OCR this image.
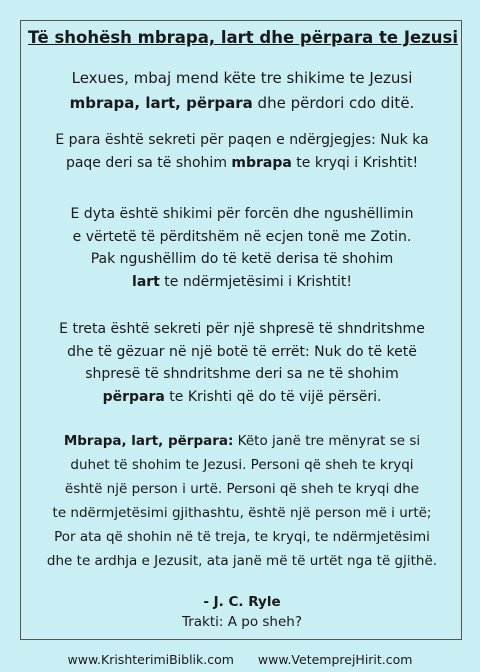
Të shohësh mbrapa, lart dhe përpara te Jezusi
Lexues, mbaj mend këte tre shikime te Jezusi
mbrapa, lart, përpara dhe përdori cdo ditë.
E para është sekreti për paqen e ndërgjegjes: Nuk ka
paqe deri sa të shohim mbrapa te kryqi i Krishtit!
E dyta është shikimi për forcën dhe ngushëllimin
e vërtetë të përditshëm në ecjen tonë me Zotin.
Pak ngushëllim do të ketë derisa të shohim
lart te ndërmjetësimi i Krishtit!
E treta është sekreti për një shpresë të shndritshme
dhe të gëzuar në një botë të errët: Nuk do të ketë
shpresë të shndritshme deri sa ne të shohim
përpara te Krishti që do të vijë përsëri.
Mbrapa, lart, përpara: Këto janë tre mënyrat se si
duhet të shohim te Jezusi. Personi që sheh te kryqi
është një person i urtë. Personi që sheh te kryqi dhe
te ndërmjetësimi gjithashtu, është një person më i urtë;
Por ata që shohin në të treja, te kryqi, te ndërmjetësimi
dhe te ardhja e Jezusit, ata janë më të urtët nga të gjithë.
- J. C. Ryle
Trakti: A po sheh?
www.KrishterimiBiblik.com www.VetemprejHirit.com
